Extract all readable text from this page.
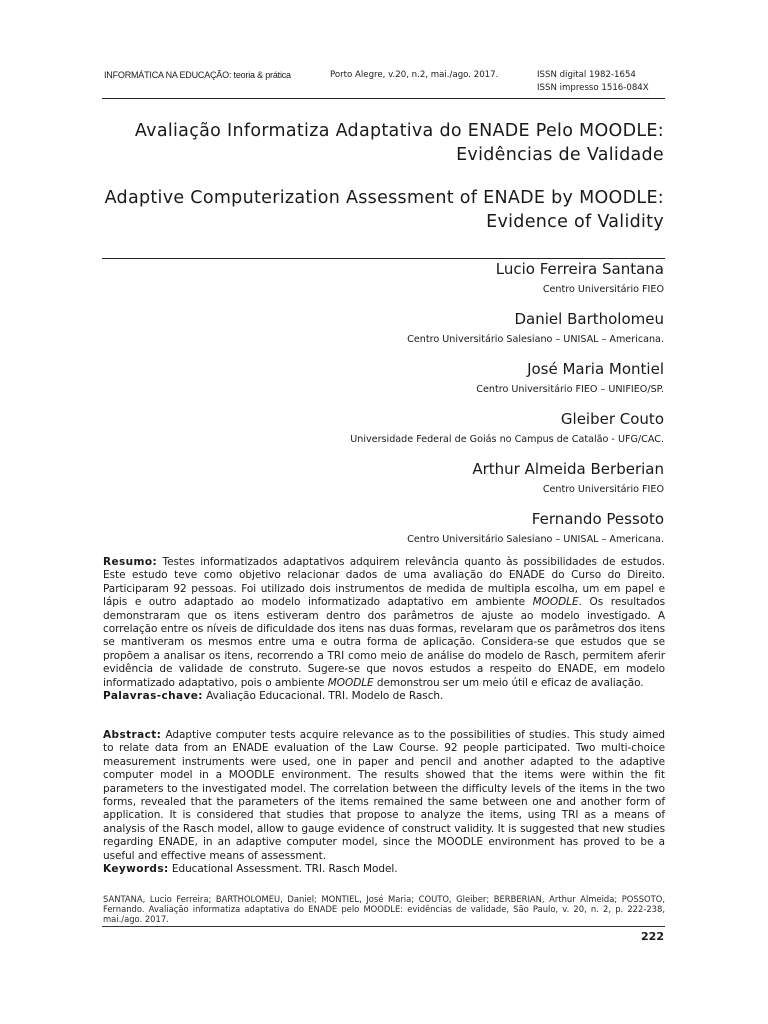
INFORMÁTICA NA EDUCAÇÃO: teoria & prática	Porto Alegre, v.20, n.2, mai./ago. 2017.	ISSN digital 1982-1654
ISSN impresso 1516-084X
Avaliação Informatiza Adaptativa do ENADE Pelo MOODLE: Evidências de Validade
Adaptive Computerization Assessment of ENADE by MOODLE: Evidence of Validity
Lucio Ferreira Santana
Centro Universitário FIEO
Daniel Bartholomeu
Centro Universitário Salesiano – UNISAL – Americana.
José Maria Montiel
Centro Universitário FIEO – UNIFIEO/SP.
Gleiber Couto
Universidade Federal de Goiás no Campus de Catalão - UFG/CAC.
Arthur Almeida Berberian
Centro Universitário FIEO
Fernando Pessoto
Centro Universitário Salesiano – UNISAL – Americana.
Resumo: Testes informatizados adaptativos adquirem relevância quanto às possibilidades de estudos. Este estudo teve como objetivo relacionar dados de uma avaliação do ENADE do Curso do Direito. Participaram 92 pessoas. Foi utilizado dois instrumentos de medida de multipla escolha, um em papel e lápis e outro adaptado ao modelo informatizado adaptativo em ambiente MOODLE. Os resultados demonstraram que os itens estiveram dentro dos parâmetros de ajuste ao modelo investigado. A correlação entre os níveis de dificuldade dos itens nas duas formas, revelaram que os parâmetros dos itens se mantiveram os mesmos entre uma e outra forma de aplicação. Considera-se que estudos que se propõem a analisar os itens, recorrendo a TRI como meio de análise do modelo de Rasch, permitem aferir evidência de validade de construto. Sugere-se que novos estudos a respeito do ENADE, em modelo informatizado adaptativo, pois o ambiente MOODLE demonstrou ser um meio útil e eficaz de avaliação.
Palavras-chave: Avaliação Educacional. TRI. Modelo de Rasch.
Abstract: Adaptive computer tests acquire relevance as to the possibilities of studies. This study aimed to relate data from an ENADE evaluation of the Law Course. 92 people participated. Two multi-choice measurement instruments were used, one in paper and pencil and another adapted to the adaptive computer model in a MOODLE environment. The results showed that the items were within the fit parameters to the investigated model. The correlation between the difficulty levels of the items in the two forms, revealed that the parameters of the items remained the same between one and another form of application. It is considered that studies that propose to analyze the items, using TRI as a means of analysis of the Rasch model, allow to gauge evidence of construct validity. It is suggested that new studies regarding ENADE, in an adaptive computer model, since the MOODLE environment has proved to be a useful and effective means of assessment.
Keywords: Educational Assessment. TRI. Rasch Model.
SANTANA, Lucio Ferreira; BARTHOLOMEU, Daniel; MONTIEL, José Maria; COUTO, Gleiber; BERBERIAN, Arthur Almeida; POSSOTO, Fernando. Avaliação informatiza adaptativa do ENADE pelo MOODLE: evidências de validade, São Paulo, v. 20, n. 2, p. 222-238, mai./ago. 2017.
222
